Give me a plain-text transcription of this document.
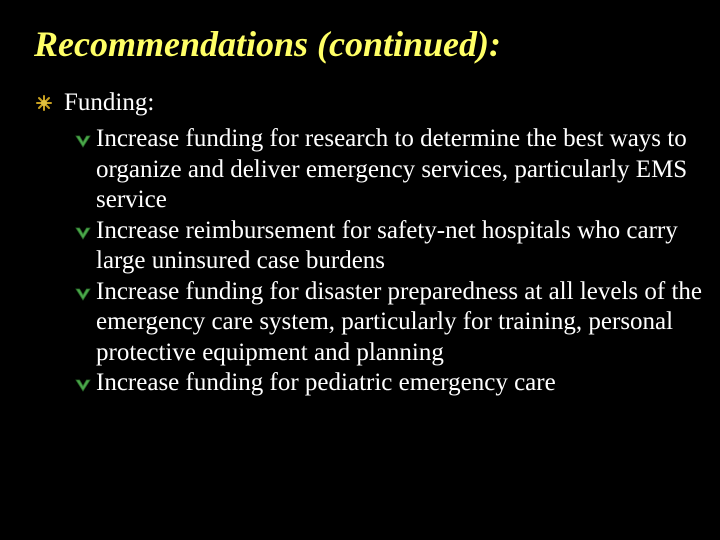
Recommendations (continued):
Funding:
Increase funding for research to determine the best ways to organize and deliver emergency services, particularly EMS service
Increase reimbursement for safety-net hospitals who carry large uninsured case burdens
Increase funding for disaster preparedness at all levels of the emergency care system, particularly for training, personal protective equipment and planning
Increase funding for pediatric emergency care
